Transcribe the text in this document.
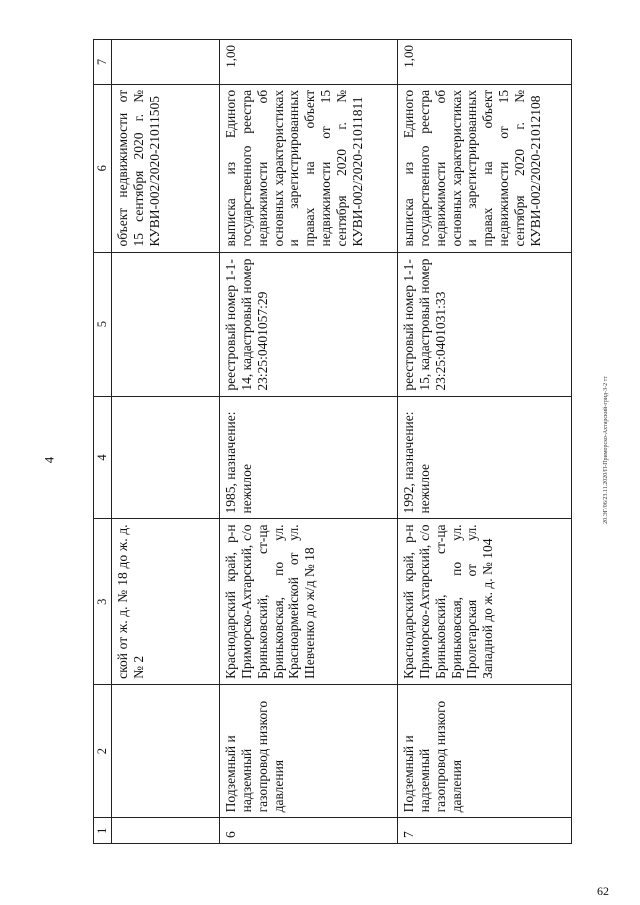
4	20.ЭГ/06/23.11.2020/П-Приморско-Ахтарский-грид-3-2 тт
62
1	2	3	4	5	6	7
		ской от ж. д. № 18 до ж. д. № 2			объект недвижимости от 15 сентября 2020 г. № КУВИ-002/2020-21011505	
6	Подземный и надземный газопровод низкого давления	Краснодарский край, р-н Приморско-Ахтарский, с/о Бриньковский, ст-ца Бриньковская, по ул. Красноармейской от ул. Шевченко до ж/д № 18	1985, назначение: нежилое	реестровый номер 1-1-14, кадастровый номер 23:25:0401057:29	выписка из Единого государственного реестра недвижимости об основных характеристиках и зарегистрированных правах на объект недвижимости от 15 сентября 2020 г. № КУВИ-002/2020-21011811	1,00
7	Подземный и надземный газопровод низкого давления	Краснодарский край, р-н Приморско-Ахтарский, с/о Бриньковский, ст-ца Бриньковская, по ул. Пролетарская от ул. Западной до ж. д. № 104	1992, назначение: нежилое	реестровый номер 1-1-15, кадастровый номер 23:25:0401031:33	выписка из Единого государственного реестра недвижимости об основных характеристиках и зарегистрированных правах на объект недвижимости от 15 сентября 2020 г. № КУВИ-002/2020-21012108	1,00
